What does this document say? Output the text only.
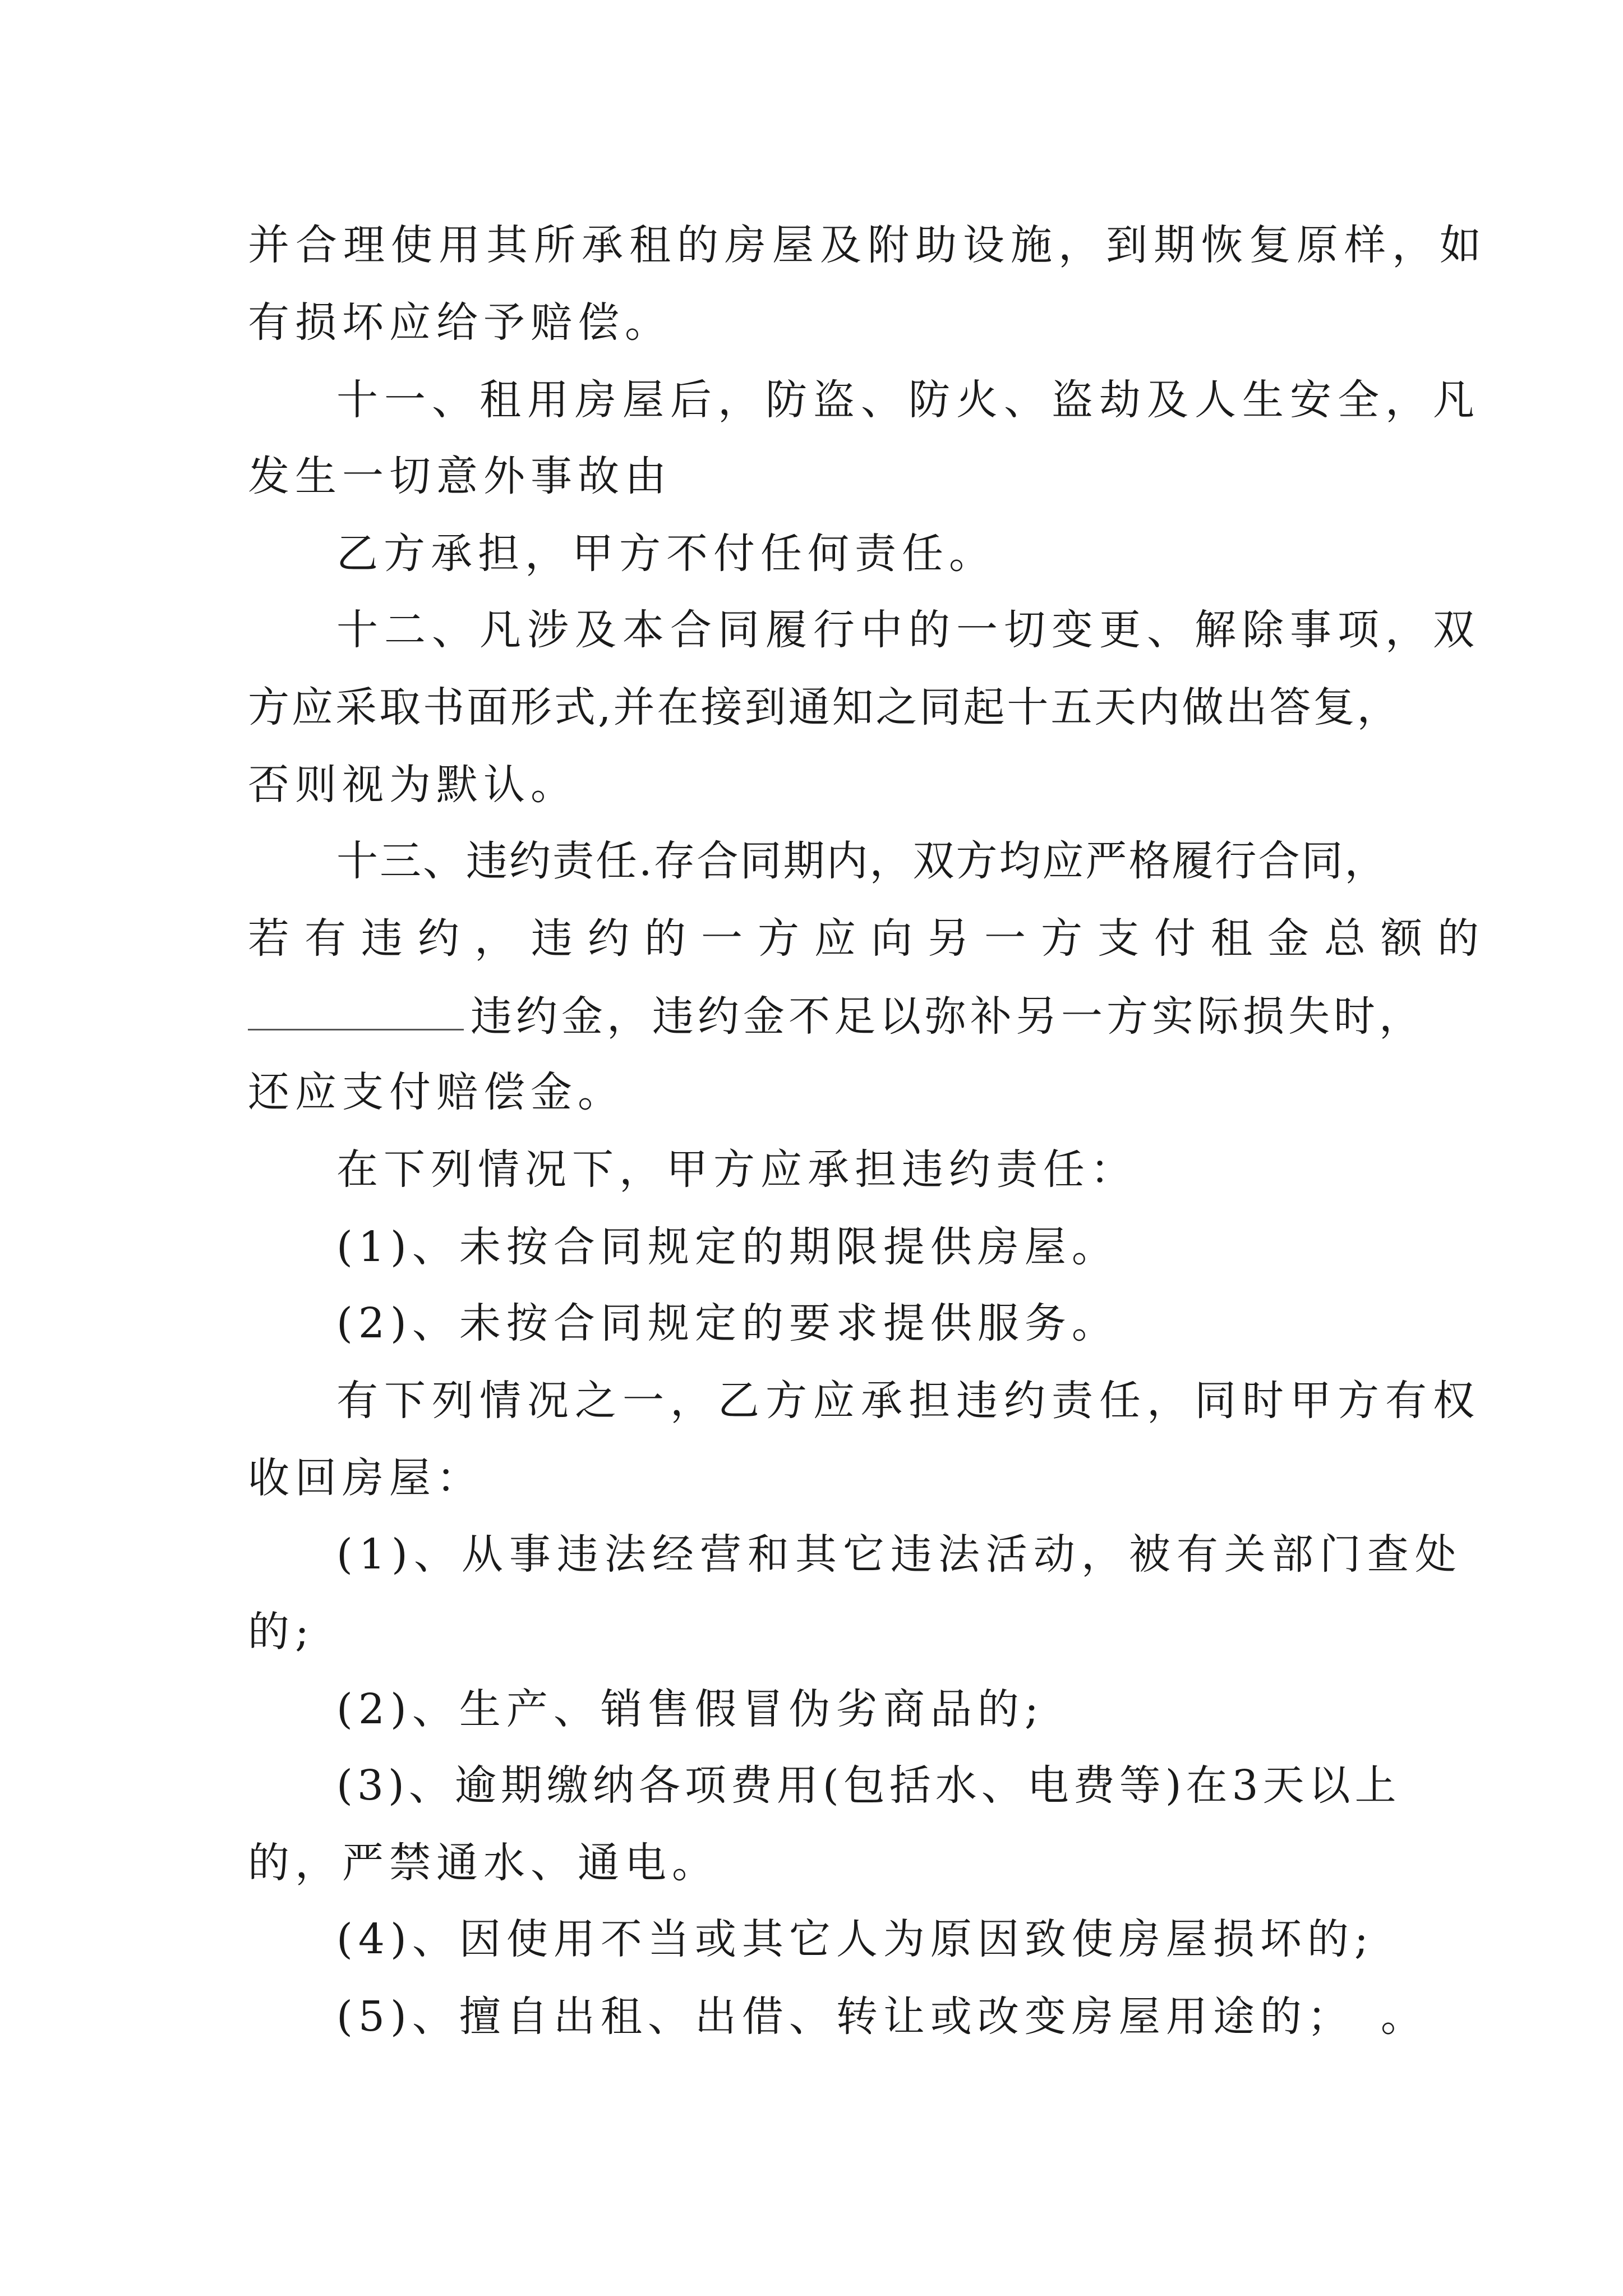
并合理使用其所承租的房屋及附助设施，到期恢复原样，如
有损坏应给予赔偿。
十一、租用房屋后，防盗、防火、盗劫及人生安全，凡
发生一切意外事故由
乙方承担，甲方不付任何责任。
十二、凡涉及本合同履行中的一切变更、解除事项，双
方应采取书面形式,并在接到通知之同起十五天内做出答复，
否则视为默认。
十三、违约责任.存合同期内，双方均应严格履行合同，
若有违约，违约的一方应向另一方支付租金总额的
违约金，违约金不足以弥补另一方实际损失时，
还应支付赔偿金。
在下列情况下，甲方应承担违约责任：
(1)、未按合同规定的期限提供房屋。
(2)、未按合同规定的要求提供服务。
有下列情况之一，乙方应承担违约责任，同时甲方有权
收回房屋：
(1)、从事违法经营和其它违法活动，被有关部门查处
的;
(2)、生产、销售假冒伪劣商品的;
(3)、逾期缴纳各项费用(包括水、电费等)在3天以上
的，严禁通水、通电。
(4)、因使用不当或其它人为原因致使房屋损坏的;
(5)、擅自出租、出借、转让或改变房屋用途的；　。
